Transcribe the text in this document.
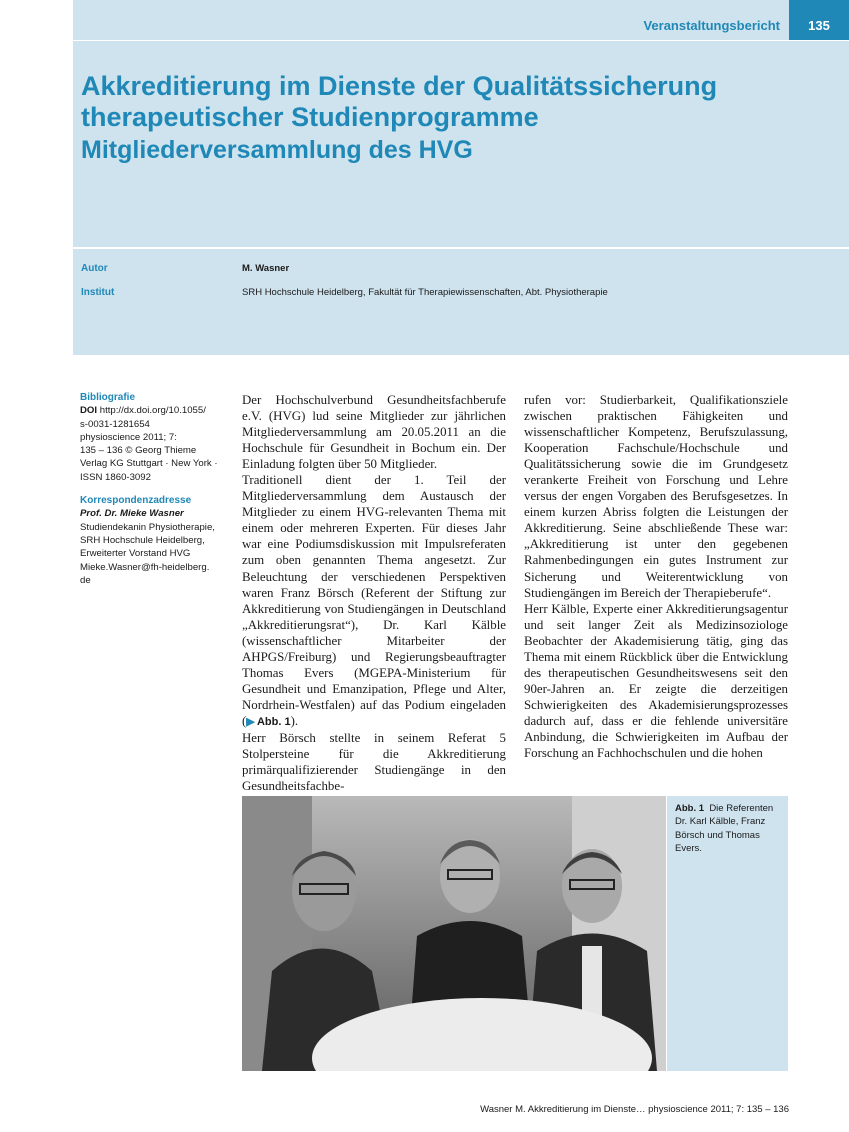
Veranstaltungsbericht	135
Akkreditierung im Dienste der Qualitätssicherung therapeutischer Studienprogramme
Mitgliederversammlung des HVG
Autor	M. Wasner
Institut	SRH Hochschule Heidelberg, Fakultät für Therapiewissenschaften, Abt. Physiotherapie
Bibliografie
DOI http://dx.doi.org/10.1055/
s-0031-1281654
physioscience 2011; 7:
135 – 136 © Georg Thieme
Verlag KG Stuttgart · New York ·
ISSN 1860-3092
Korrespondenzadresse
Prof. Dr. Mieke Wasner
Studiendekanin Physiotherapie,
SRH Hochschule Heidelberg,
Erweiterter Vorstand HVG
Mieke.Wasner@fh-heidelberg.
de

Der Hochschulverbund Gesundheitsfachberufe e.V. (HVG) lud seine Mitglieder zur jährlichen Mitgliederversammlung am 20.05.2011 an die Hochschule für Gesundheit in Bochum ein. Der Einladung folgten über 50 Mitglieder.

Traditionell dient der 1. Teil der Mitgliederversammlung dem Austausch der Mitglieder zu einem HVG-relevanten Thema mit einem oder mehreren Experten. Für dieses Jahr war eine Podiumsdiskussion mit Impulsreferaten zum oben genannten Thema angesetzt. Zur Beleuchtung der verschiedenen Perspektiven waren Franz Börsch (Referent der Stiftung zur Akkreditierung von Studiengängen in Deutschland „Akkreditierungsrat“), Dr. Karl Kälble (wissenschaftlicher Mitarbeiter der AHPGS/Freiburg) und Regierungsbeauftragter Thomas Evers (MGEPA-Ministerium für Gesundheit und Emanzipation, Pflege und Alter, Nordrhein-Westfalen) auf das Podium eingeladen (▶ Abb. 1).

Herr Börsch stellte in seinem Referat 5 Stolpersteine für die Akkreditierung primärqualifizierender Studiengänge in den Gesundheitsfachbe-

rufen vor: Studierbarkeit, Qualifikationsziele zwischen praktischen Fähigkeiten und wissenschaftlicher Kompetenz, Berufszulassung, Kooperation Fachschule/Hochschule und Qualitätssicherung sowie die im Grundgesetz verankerte Freiheit von Forschung und Lehre versus der engen Vorgaben des Berufsgesetzes. In einem kurzen Abriss folgten die Leistungen der Akkreditierung. Seine abschließende These war: „Akkreditierung ist unter den gegebenen Rahmenbedingungen ein gutes Instrument zur Sicherung und Weiterentwicklung von Studiengängen im Bereich der Therapieberufe“.

Herr Kälble, Experte einer Akkreditierungsagentur und seit langer Zeit als Medizinsoziologe Beobachter der Akademisierung tätig, ging das Thema mit einem Rückblick über die Entwicklung des therapeutischen Gesundheitswesens seit den 90er-Jahren an. Er zeigte die derzeitigen Schwierigkeiten des Akademisierungsprozesses dadurch auf, dass er die fehlende universitäre Anbindung, die Schwierigkeiten im Aufbau der Forschung an Fachhochschulen und die hohen

Abb. 1 Die Referenten Dr. Karl Kälble, Franz Börsch und Thomas Evers.
Wasner M. Akkreditierung im Dienste… physioscience 2011; 7: 135 – 136
